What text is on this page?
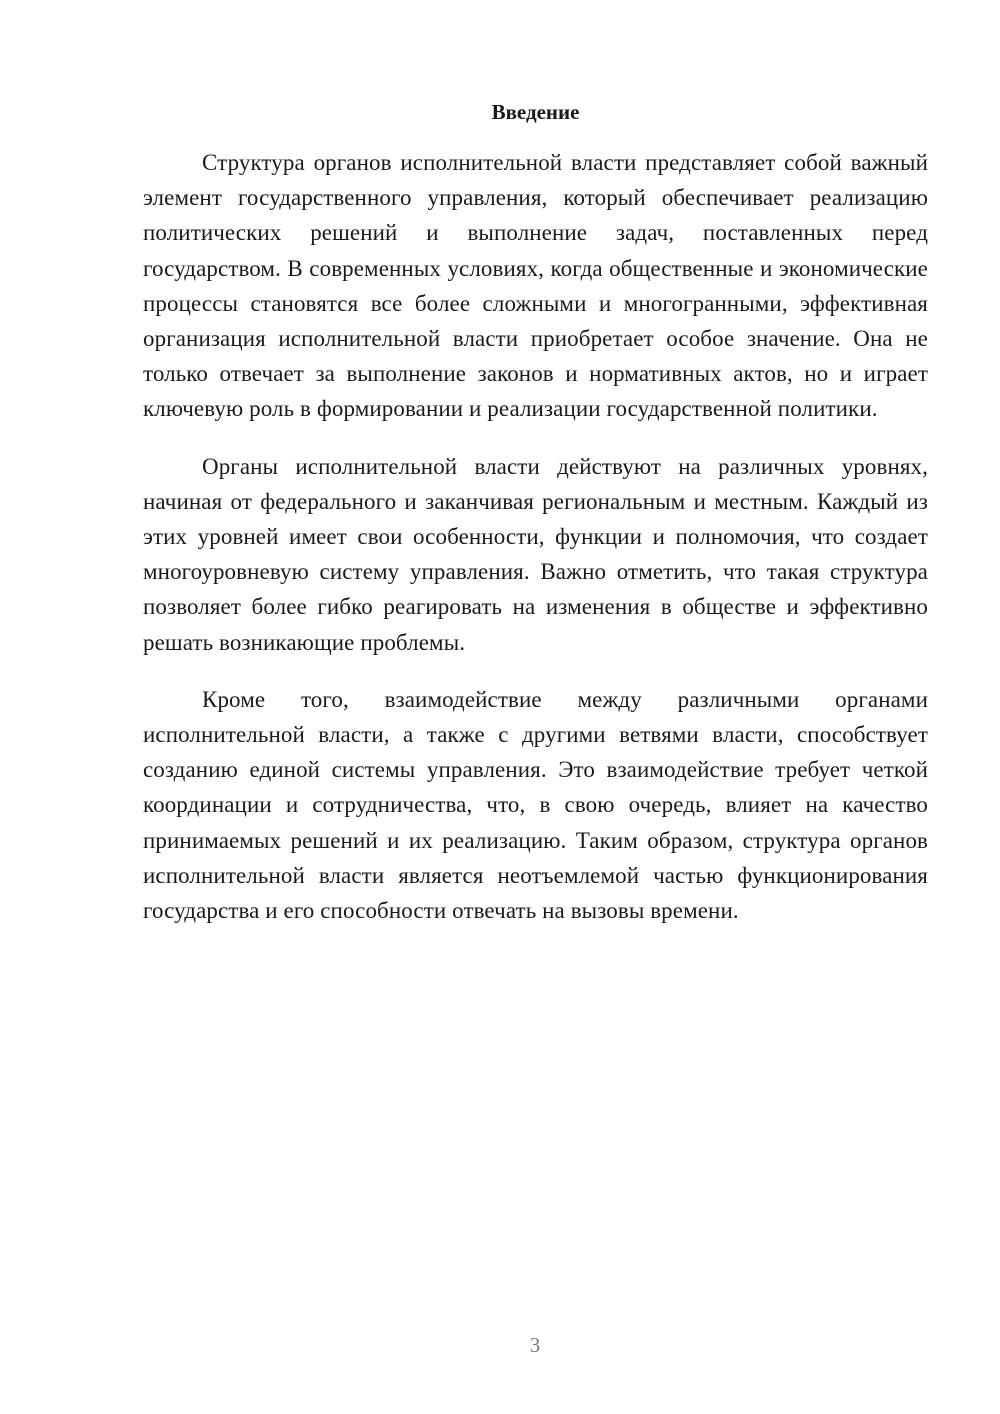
Введение

Структура органов исполнительной власти представляет собой важный элемент государственного управления, который обеспечивает реализацию политических решений и выполнение задач, поставленных перед государством. В современных условиях, когда общественные и экономические процессы становятся все более сложными и многогранными, эффективная организация исполнительной власти приобретает особое значение. Она не только отвечает за выполнение законов и нормативных актов, но и играет ключевую роль в формировании и реализации государственной политики.

Органы исполнительной власти действуют на различных уровнях, начиная от федерального и заканчивая региональным и местным. Каждый из этих уровней имеет свои особенности, функции и полномочия, что создает многоуровневую систему управления. Важно отметить, что такая структура позволяет более гибко реагировать на изменения в обществе и эффективно решать возникающие проблемы.

Кроме того, взаимодействие между различными органами исполнительной власти, а также с другими ветвями власти, способствует созданию единой системы управления. Это взаимодействие требует четкой координации и сотрудничества, что, в свою очередь, влияет на качество принимаемых решений и их реализацию. Таким образом, структура органов исполнительной власти является неотъемлемой частью функционирования государства и его способности отвечать на вызовы времени.

3
